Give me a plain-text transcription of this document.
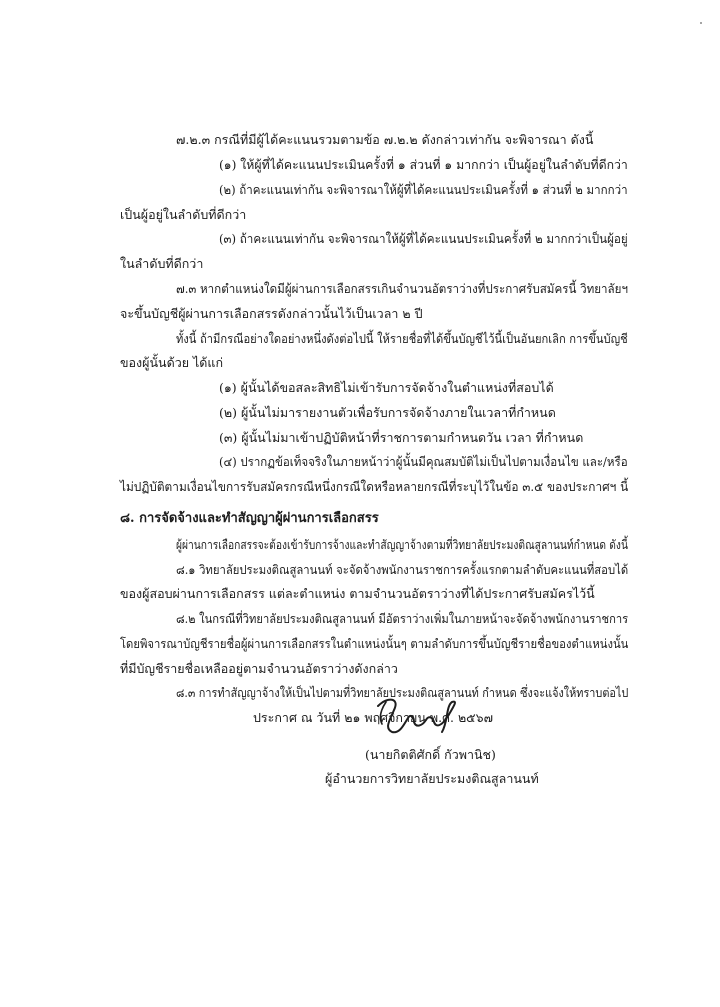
๗.๒.๓ กรณีที่มีผู้ได้คะแนนรวมตามข้อ ๗.๒.๒ ดังกล่าวเท่ากัน จะพิจารณา ดังนี้
(๑) ให้ผู้ที่ได้คะแนนประเมินครั้งที่ ๑ ส่วนที่ ๑ มากกว่า เป็นผู้อยู่ในลำดับที่ดีกว่า
(๒) ถ้าคะแนนเท่ากัน จะพิจารณาให้ผู้ที่ได้คะแนนประเมินครั้งที่ ๑ ส่วนที่ ๒ มากกว่า
เป็นผู้อยู่ในลำดับที่ดีกว่า
(๓) ถ้าคะแนนเท่ากัน จะพิจารณาให้ผู้ที่ได้คะแนนประเมินครั้งที่ ๒ มากกว่าเป็นผู้อยู่
ในลำดับที่ดีกว่า
๗.๓ หากตำแหน่งใดมีผู้ผ่านการเลือกสรรเกินจำนวนอัตราว่างที่ประกาศรับสมัครนี้ วิทยาลัยฯ
จะขึ้นบัญชีผู้ผ่านการเลือกสรรดังกล่าวนั้นไว้เป็นเวลา ๒ ปี
ทั้งนี้ ถ้ามีกรณีอย่างใดอย่างหนึ่งดังต่อไปนี้ ให้รายชื่อที่ได้ขึ้นบัญชีไว้นี้เป็นอันยกเลิก การขึ้นบัญชี
ของผู้นั้นด้วย ได้แก่
(๑) ผู้นั้นได้ขอสละสิทธิไม่เข้ารับการจัดจ้างในตำแหน่งที่สอบได้
(๒) ผู้นั้นไม่มารายงานตัวเพื่อรับการจัดจ้างภายในเวลาที่กำหนด
(๓) ผู้นั้นไม่มาเข้าปฏิบัติหน้าที่ราชการตามกำหนดวัน เวลา ที่กำหนด
(๔) ปรากฏข้อเท็จจริงในภายหน้าว่าผู้นั้นมีคุณสมบัติไม่เป็นไปตามเงื่อนไข และ/หรือ
ไม่ปฏิบัติตามเงื่อนไขการรับสมัครกรณีหนึ่งกรณีใดหรือหลายกรณีที่ระบุไว้ในข้อ ๓.๕ ของประกาศฯ นี้
๘. การจัดจ้างและทำสัญญาผู้ผ่านการเลือกสรร
ผู้ผ่านการเลือกสรรจะต้องเข้ารับการจ้างและทำสัญญาจ้างตามที่วิทยาลัยประมงติณสูลานนท์กำหนด ดังนี้
๘.๑ วิทยาลัยประมงติณสูลานนท์ จะจัดจ้างพนักงานราชการครั้งแรกตามลำดับคะแนนที่สอบได้
ของผู้สอบผ่านการเลือกสรร แต่ละตำแหน่ง ตามจำนวนอัตราว่างที่ได้ประกาศรับสมัครไว้นี้
๘.๒ ในกรณีที่วิทยาลัยประมงติณสูลานนท์ มีอัตราว่างเพิ่มในภายหน้าจะจัดจ้างพนักงานราชการ
โดยพิจารณาบัญชีรายชื่อผู้ผ่านการเลือกสรรในตำแหน่งนั้นๆ ตามลำดับการขึ้นบัญชีรายชื่อของตำแหน่งนั้น
ที่มีบัญชีรายชื่อเหลืออยู่ตามจำนวนอัตราว่างดังกล่าว
๘.๓ การทำสัญญาจ้างให้เป็นไปตามที่วิทยาลัยประมงติณสูลานนท์ กำหนด ซึ่งจะแจ้งให้ทราบต่อไป
ประกาศ ณ วันที่ ๒๑ พฤศจิกายน พ.ศ. ๒๕๖๗
(นายกิตติศักดิ์ กัวพานิช)
ผู้อำนวยการวิทยาลัยประมงติณสูลานนท์
